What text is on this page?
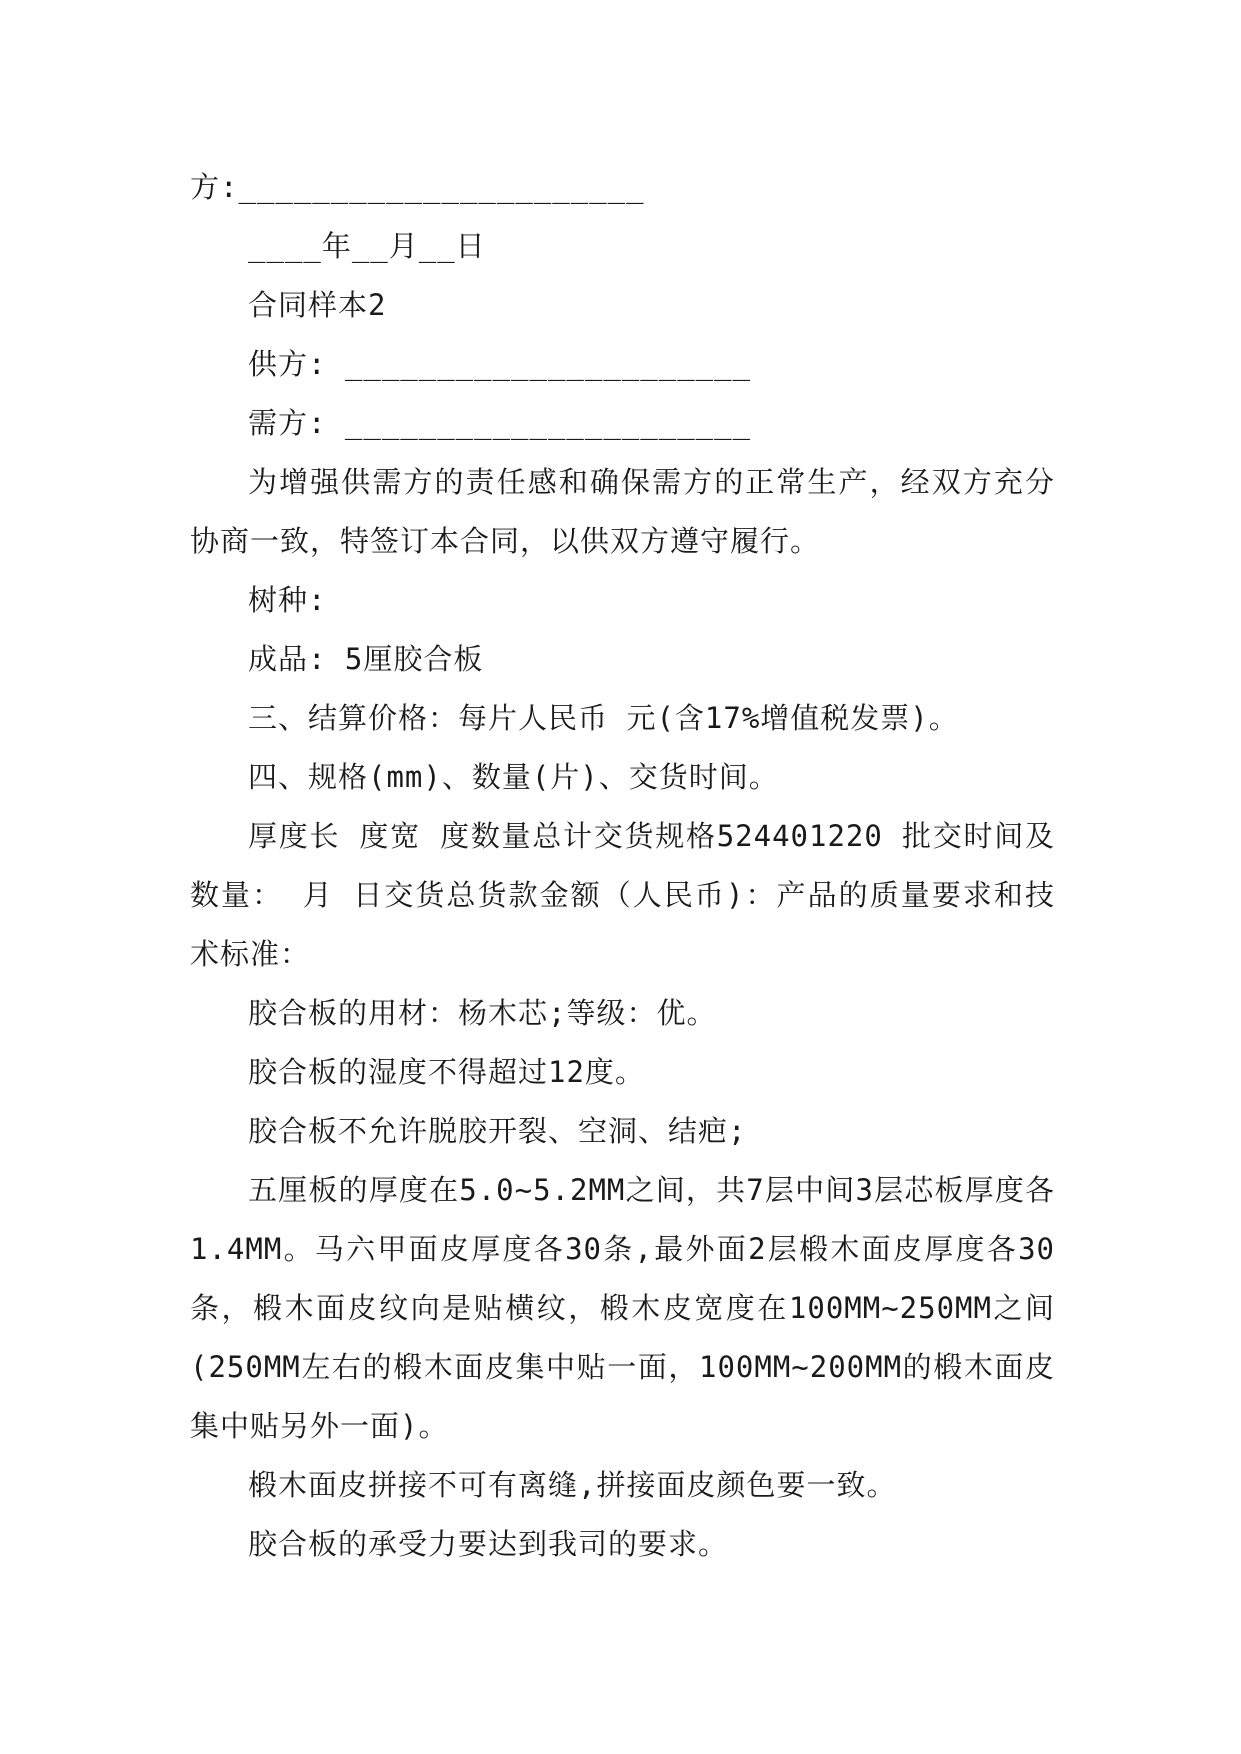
方:______________________

____年__月__日

合同样本2

供方: ______________________

需方: ______________________

为增强供需方的责任感和确保需方的正常生产，经双方充分协商一致，特签订本合同，以供双方遵守履行。

树种:

成品: 5厘胶合板

三、结算价格：每片人民币 元(含17%增值税发票)。

四、规格(mm)、数量(片)、交货时间。

厚度长 度宽 度数量总计交货规格524401220 批交时间及数量： 月 日交货总货款金额（人民币)：产品的质量要求和技术标准：

胶合板的用材：杨木芯;等级：优。

胶合板的湿度不得超过12度。

胶合板不允许脱胶开裂、空洞、结疤;

五厘板的厚度在5.0~5.2MM之间，共7层中间3层芯板厚度各1.4MM。马六甲面皮厚度各30条,最外面2层椴木面皮厚度各30条，椴木面皮纹向是贴横纹，椴木皮宽度在100MM~250MM之间(250MM左右的椴木面皮集中贴一面，100MM~200MM的椴木面皮集中贴另外一面)。

椴木面皮拼接不可有离缝,拼接面皮颜色要一致。

胶合板的承受力要达到我司的要求。
